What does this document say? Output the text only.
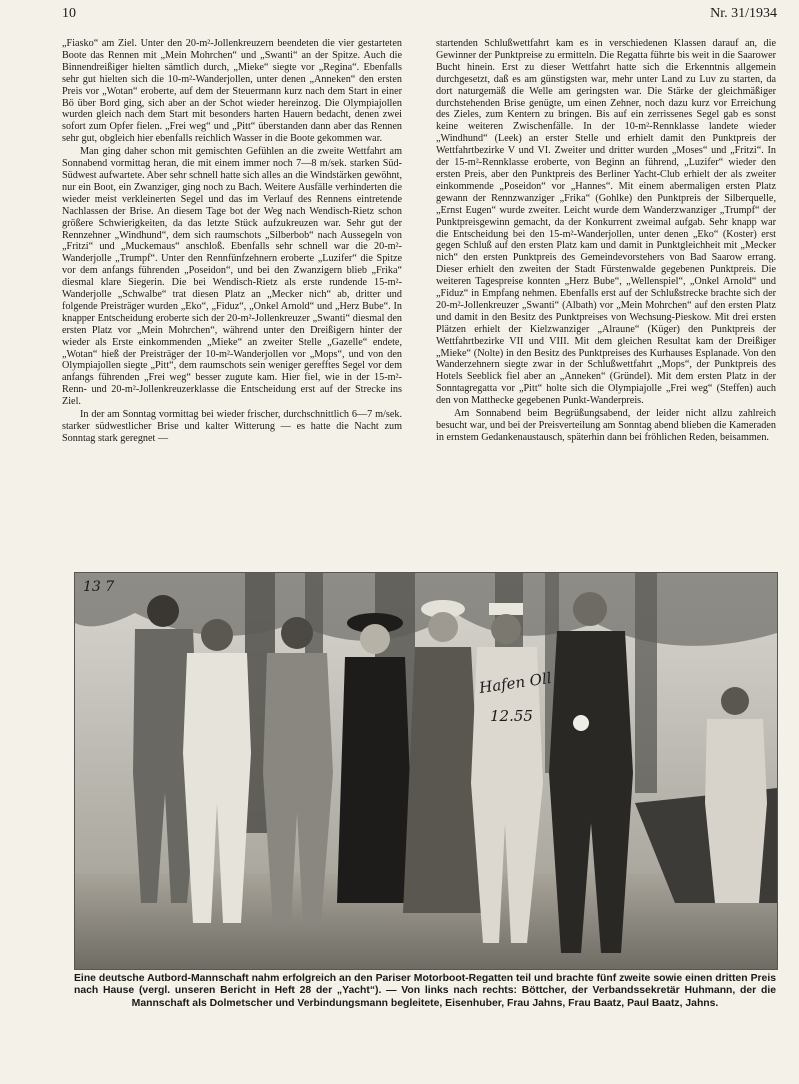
10	Nr. 31/1934

„Fiasko“ am Ziel. Unter den 20-m²-Jollenkreuzern beendeten die vier gestarteten Boote das Rennen mit „Mein Mohrchen“ und „Swanti“ an der Spitze. Auch die Binnendreißiger hielten sämtlich durch, „Mieke“ siegte vor „Regina“. Ebenfalls sehr gut hielten sich die 10-m²-Wanderjollen, unter denen „Anneken“ den ersten Preis vor „Wotan“ eroberte, auf dem der Steuermann kurz nach dem Start in einer Bö über Bord ging, sich aber an der Schot wieder hereinzog. Die Olympiajollen wurden gleich nach dem Start mit besonders harten Hauern bedacht, denen zwei sofort zum Opfer fielen. „Frei weg“ und „Pitt“ überstanden dann aber das Rennen sehr gut, obgleich hier ebenfalls reichlich Wasser in die Boote gekommen war.

Man ging daher schon mit gemischten Gefühlen an die zweite Wettfahrt am Sonnabend vormittag heran, die mit einem immer noch 7—8 m/sek. starken Süd-Südwest aufwartete. Aber sehr schnell hatte sich alles an die Windstärken gewöhnt, nur ein Boot, ein Zwanziger, ging noch zu Bach. Weitere Ausfälle verhinderten die wieder meist verkleinerten Segel und das im Verlauf des Rennens eintretende Nachlassen der Brise. An diesem Tage bot der Weg nach Wendisch-Rietz schon größere Schwierigkeiten, da das letzte Stück aufzukreuzen war. Sehr gut der Rennzehner „Windhund“, dem sich raumschots „Silberbob“ nach Aussegeln von „Fritzi“ und „Muckemaus“ anschloß. Ebenfalls sehr schnell war die 20-m²-Wanderjolle „Trumpf“. Unter den Rennfünfzehnern eroberte „Luzifer“ die Spitze vor dem anfangs führenden „Poseidon“, und bei den Zwanzigern blieb „Frika“ diesmal klare Siegerin. Die bei Wendisch-Rietz als erste rundende 15-m²-Wanderjolle „Schwalbe“ trat diesen Platz an „Mecker nich“ ab, dritter und folgende Preisträger wurden „Eko“, „Fiduz“, „Onkel Arnold“ und „Herz Bube“. In knapper Entscheidung eroberte sich der 20-m²-Jollenkreuzer „Swanti“ diesmal den ersten Platz vor „Mein Mohrchen“, während unter den Dreißigern hinter der wieder als Erste einkommenden „Mieke“ an zweiter Stelle „Gazelle“ endete, „Wotan“ hieß der Preisträger der 10-m²-Wanderjollen vor „Mops“, und von den Olympiajollen siegte „Pitt“, dem raumschots sein weniger gerefftes Segel vor dem anfangs führenden „Frei weg“ besser zugute kam. Hier fiel, wie in der 15-m²-Renn- und 20-m²-Jollenkreuzerklasse die Entscheidung erst auf der Strecke ins Ziel.

In der am Sonntag vormittag bei wieder frischer, durchschnittlich 6—7 m/sek. starker südwestlicher Brise und kalter Witterung — es hatte die Nacht zum Sonntag stark geregnet —

startenden Schlußwettfahrt kam es in verschiedenen Klassen darauf an, die Gewinner der Punktpreise zu ermitteln. Die Regatta führte bis weit in die Saarower Bucht hinein. Erst zu dieser Wettfahrt hatte sich die Erkenntnis allgemein durchgesetzt, daß es am günstigsten war, mehr unter Land zu Luv zu starten, da dort naturgemäß die Welle am geringsten war. Die Stärke der gleichmäßiger durchstehenden Brise genügte, um einen Zehner, noch dazu kurz vor Erreichung des Zieles, zum Kentern zu bringen. Bis auf ein zerrissenes Segel gab es sonst keine weiteren Zwischenfälle. In der 10-m²-Rennklasse landete wieder „Windhund“ (Leek) an erster Stelle und erhielt damit den Punktpreis der Wettfahrtbezirke V und VI. Zweiter und dritter wurden „Moses“ und „Fritzi“. In der 15-m²-Rennklasse eroberte, von Beginn an führend, „Luzifer“ wieder den ersten Preis, aber den Punktpreis des Berliner Yacht-Club erhielt der als zweiter einkommende „Poseidon“ vor „Hannes“. Mit einem abermaligen ersten Platz gewann der Rennzwanziger „Frika“ (Gohlke) den Punktpreis der Silberquelle, „Ernst Eugen“ wurde zweiter. Leicht wurde dem Wanderzwanziger „Trumpf“ der Punktpreisgewinn gemacht, da der Konkurrent zweimal aufgab. Sehr knapp war die Entscheidung bei den 15-m²-Wanderjollen, unter denen „Eko“ (Koster) erst gegen Schluß auf den ersten Platz kam und damit in Punktgleichheit mit „Mecker nich“ den ersten Punktpreis des Gemeindevorstehers von Bad Saarow errang. Dieser erhielt den zweiten der Stadt Fürstenwalde gegebenen Punktpreis. Die weiteren Tagespreise konnten „Herz Bube“, „Wellenspiel“, „Onkel Arnold“ und „Fiduz“ in Empfang nehmen. Ebenfalls erst auf der Schlußstrecke brachte sich der 20-m²-Jollenkreuzer „Swanti“ (Albath) vor „Mein Mohrchen“ auf den ersten Platz und damit in den Besitz des Punktpreises von Wechsung-Pieskow. Mit drei ersten Plätzen erhielt der Kielzwanziger „Alraune“ (Küger) den Punktpreis der Wettfahrtbezirke VII und VIII. Mit dem gleichen Resultat kam der Dreißiger „Mieke“ (Nolte) in den Besitz des Punktpreises des Kurhauses Esplanade. Von den Wanderzehnern siegte zwar in der Schlußwettfahrt „Mops“, der Punktpreis des Hotels Seeblick fiel aber an „Anneken“ (Gründel). Mit dem ersten Platz in der Sonntagregatta vor „Pitt“ holte sich die Olympiajolle „Frei weg“ (Steffen) auch den von Matthecke gegebenen Punkt-Wanderpreis.

Am Sonnabend beim Begrüßungsabend, der leider nicht allzu zahlreich besucht war, und bei der Preisverteilung am Sonntag abend blieben die Kameraden in ernstem Gedankenaustausch, späterhin dann bei fröhlichen Reden, beisammen.

13 7
Hafen Oll
12.55
Eine deutsche Autbord-Mannschaft nahm erfolgreich an den Pariser Motorboot-Regatten teil und brachte fünf zweite sowie einen dritten Preis nach Hause (vergl. unseren Bericht in Heft 28 der „Yacht“). — Von links nach rechts: Böttcher, der Verbandssekretär Huhmann, der die Mannschaft als Dolmetscher und Verbindungsmann begleitete, Eisenhuber, Frau Jahns, Frau Baatz, Paul Baatz, Jahns.
